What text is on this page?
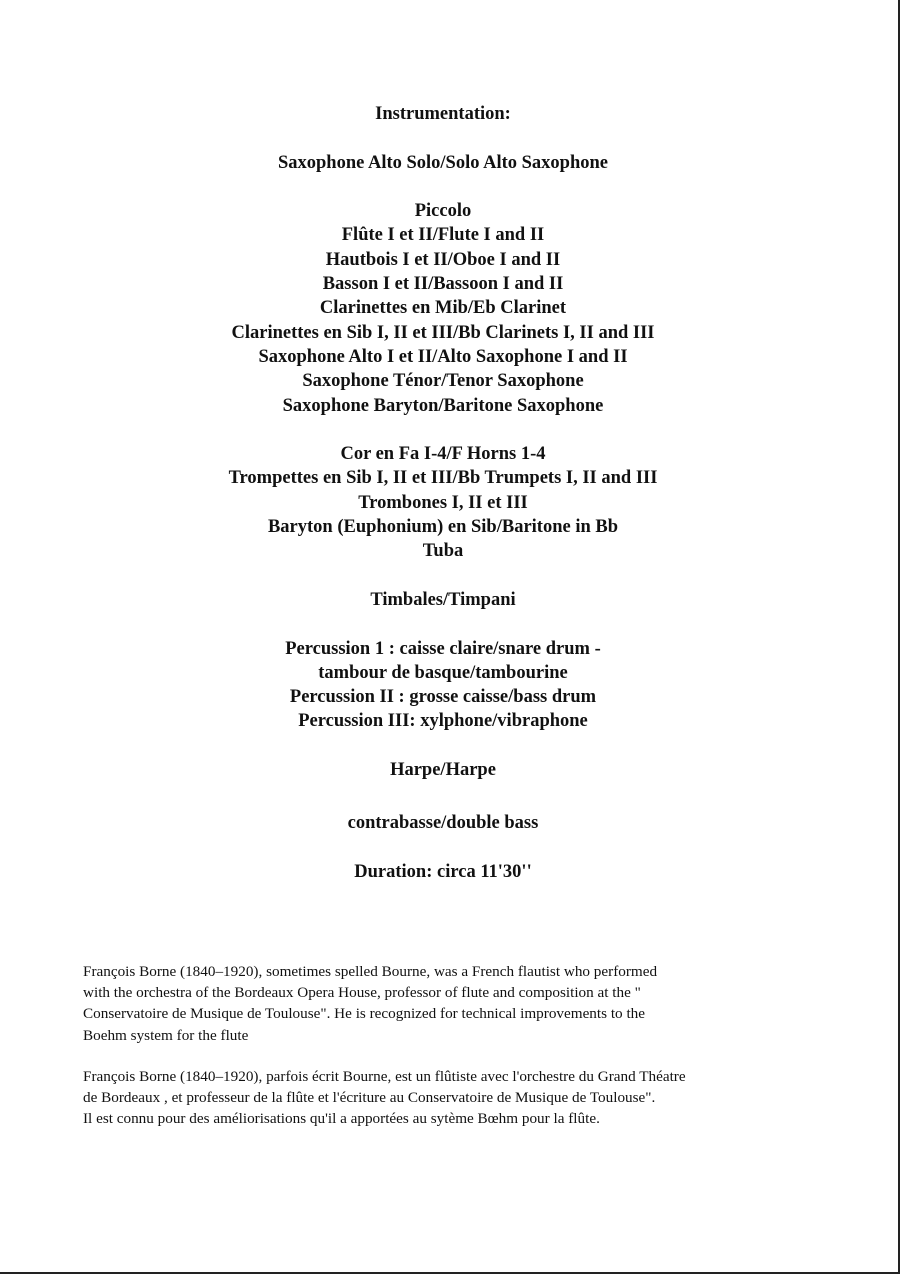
Instrumentation:
Saxophone Alto Solo/Solo Alto Saxophone
Piccolo
Flûte I et II/Flute I and II
Hautbois I et II/Oboe I and II
Basson I et II/Bassoon I and II
Clarinettes en Mib/Eb Clarinet
Clarinettes en Sib I, II et III/Bb Clarinets I, II and III
Saxophone Alto I et II/Alto Saxophone I and II
Saxophone Ténor/Tenor Saxophone
Saxophone Baryton/Baritone Saxophone
Cor en Fa I-4/F Horns 1-4
Trompettes en Sib I, II et III/Bb Trumpets I, II and III
Trombones I, II et III
Baryton (Euphonium) en Sib/Baritone in Bb
Tuba
Timbales/Timpani
Percussion 1 : caisse claire/snare drum -
tambour de basque/tambourine
Percussion II : grosse caisse/bass drum
Percussion III: xylphone/vibraphone
Harpe/Harpe
contrabasse/double bass
Duration: circa 11'30''
François Borne (1840–1920), sometimes spelled Bourne, was a French flautist who performed
with the orchestra of the Bordeaux Opera House, professor of flute and composition at the "
Conservatoire de Musique de Toulouse". He is recognized for technical improvements to the
Boehm system for the flute
François Borne (1840–1920), parfois écrit Bourne, est un flûtiste avec l'orchestre du Grand Théatre
de Bordeaux , et professeur de la flûte et l'écriture au Conservatoire de Musique de Toulouse".
Il est connu pour des améliorisations qu'il a apportées au sytème Bœhm pour la flûte.
